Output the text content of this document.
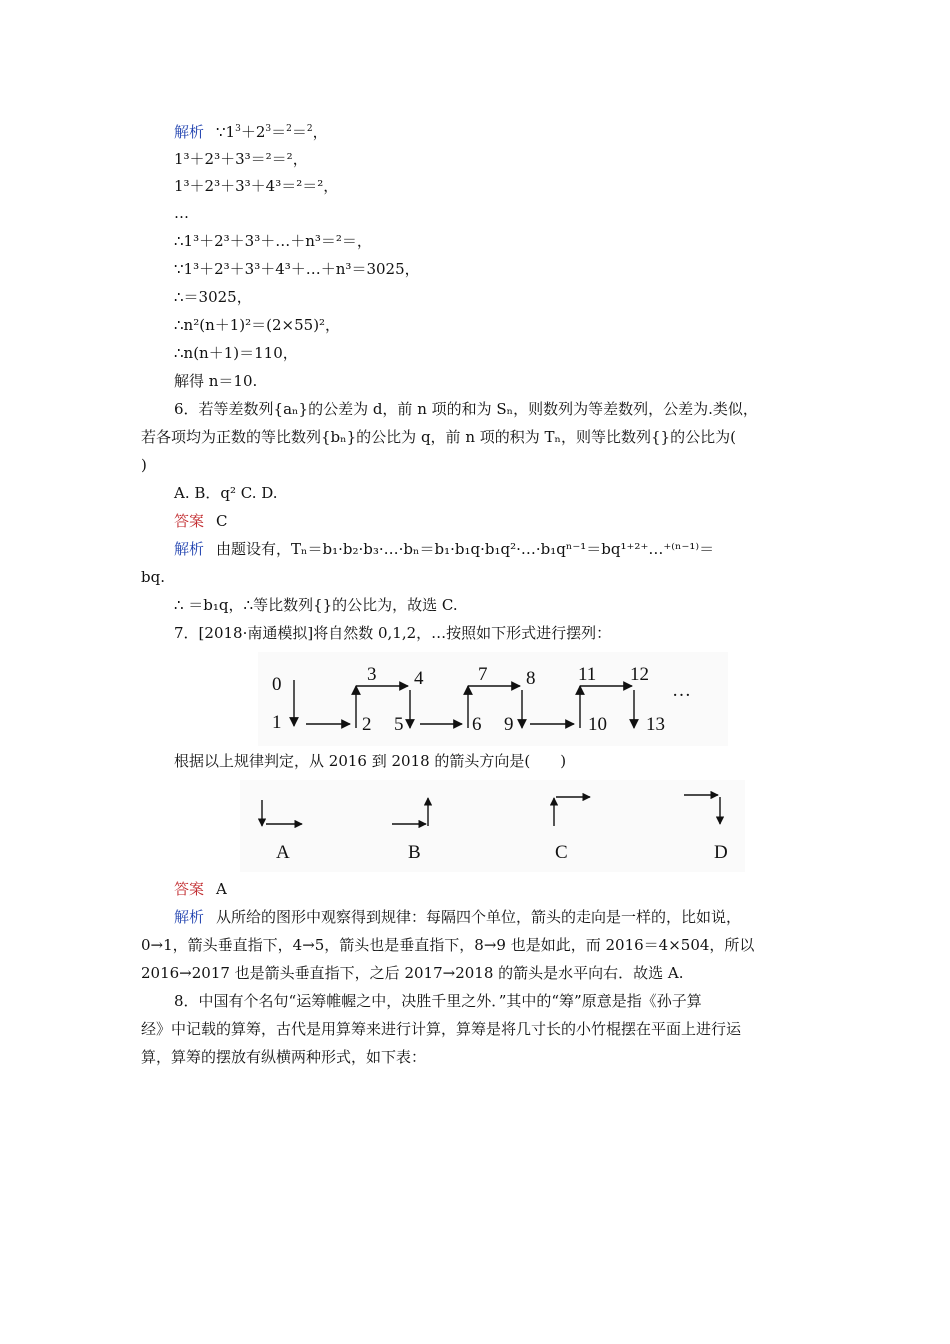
解析 $\because 1^3+2^3=^2=^2$，
1³＋2³＋3³＝²＝²，
1³＋2³＋3³＋4³＝²＝²，
…
∴1³＋2³＋3³＋…＋n³＝²＝，
∵1³＋2³＋3³＋4³＋…＋n³＝3025，
∴＝3025，
∴n²(n＋1)²＝(2×55)²，
∴n(n＋1)＝110，
解得 n＝10.
6．若等差数列{aₙ}的公差为 d，前 n 项的和为 Sₙ，则数列为等差数列，公差为.类似，
若各项均为正数的等比数列{bₙ}的公比为 q，前 n 项的积为 Tₙ，则等比数列{}的公比为(
)
A. B．q² C. D.
答案 C
解析 由题设有，Tₙ＝b₁·b₂·b₃·…·bₙ＝b₁·b₁q·b₁q²·…·b₁qⁿ⁻¹＝bq¹⁺²⁺…⁺⁽ⁿ⁻¹⁾＝
bq.
∴ ＝b₁q，∴等比数列{}的公比为，故选 C.
7．[2018·南通模拟]将自然数 0,1,2，…按照如下形式进行摆列：
0
1	2
3 4
5	6
7 8
9	10
11 12
13
…
根据以上规律判定，从 2016 到 2018 的箭头方向是(　　)
A	B	C	D
答案 A
解析 从所给的图形中观察得到规律：每隔四个单位，箭头的走向是一样的，比如说，
0→1，箭头垂直指下，4→5，箭头也是垂直指下，8→9 也是如此，而 2016＝4×504，所以
2016→2017 也是箭头垂直指下，之后 2017→2018 的箭头是水平向右．故选 A.
8．中国有个名句“运筹帷幄之中，决胜千里之外．”其中的“筹”原意是指《孙子算
经》中记载的算筹，古代是用算筹来进行计算，算筹是将几寸长的小竹棍摆在平面上进行运
算，算筹的摆放有纵横两种形式，如下表：
